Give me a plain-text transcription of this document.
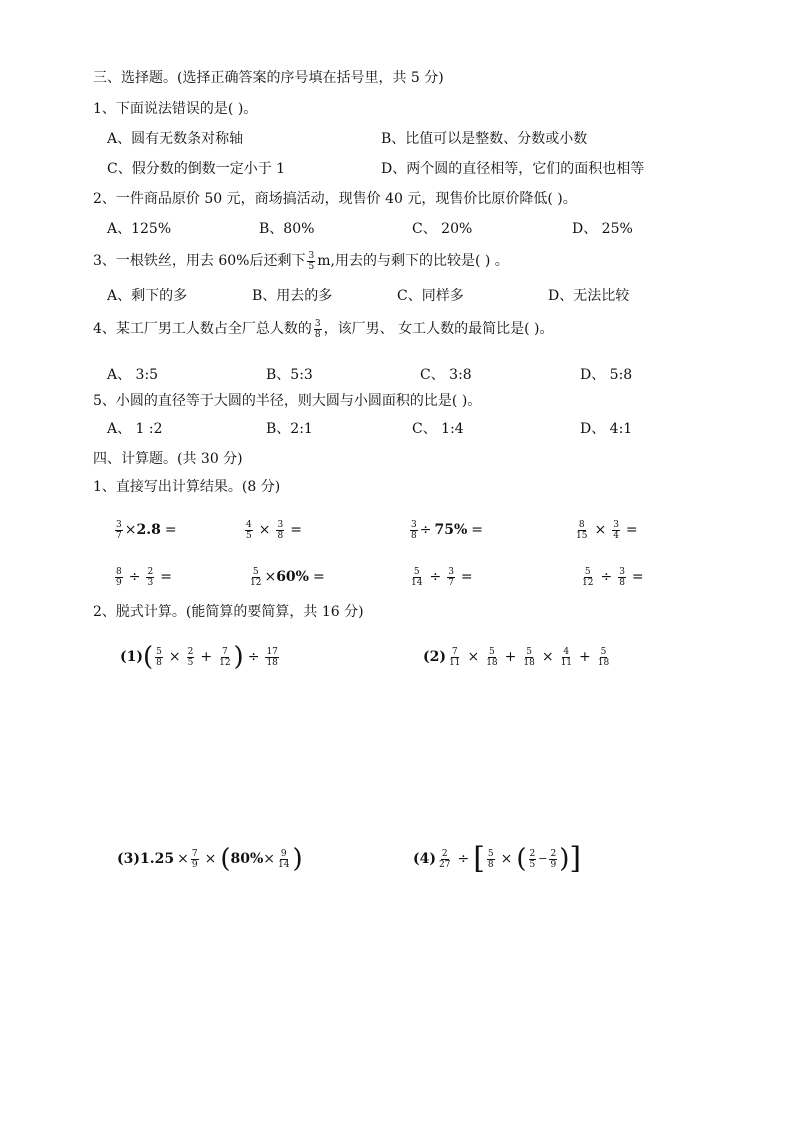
三、选择题。(选择正确答案的序号填在括号里，共 5 分)
1、下面说法错误的是( )。
A、圆有无数条对称轴	B、比值可以是整数、分数或小数
C、假分数的倒数一定小于 1	D、两个圆的直径相等，它们的面积也相等
2、一件商品原价 50 元，商场搞活动，现售价 40 元，现售价比原价降低( )。
A、125%	B、80%	C、 20%	D、 25%
3、一根铁丝，用去 60%后还剩下 $\frac{3}{5} m$,用去的与剩下的比较是( ) 。
A、剩下的多	B、用去的多	C、同样多	D、无法比较
4、某工厂男工人数占全厂总人数的 $\frac{3}{8}$ ，该厂男、 女工人数的最简比是( )。
A、 3:5	B、5:3	C、 3:8	D、 5:8
5、小圆的直径等于大圆的半径，则大圆与小圆面积的比是( )。
A、 1 :2	B、2:1	C、 1:4	D、 4:1
四、计算题。(共 30 分)
1、直接写出计算结果。(8 分)
$\frac{3}{7} \times 2.8$ =	$\frac{4}{5} \times \frac{3}{8}$ =	$\frac{3}{8} \div 75\%$ =	$\frac{8}{15} \times \frac{3}{4}$ =
$\frac{8}{9} \div \frac{2}{3}$ =	$\frac{5}{12} \times 60\%$ =	$\frac{5}{14} \div \frac{3}{7}$ =	$\frac{5}{12} \div \frac{3}{8}$ =
2、脱式计算。(能简算的要简算，共 16 分)
(1) ( $\frac{5}{8} \times \frac{2}{5} + \frac{7}{12}$ ) ÷ $\frac{17}{18}$	$(2) \frac{7}{11} \times \frac{5}{18} + \frac{5}{18} \times \frac{4}{11} + \frac{5}{18}$
(3) $1.25 \times \frac{7}{9}$ × ( $80\% \times \frac{9}{14}$ )	$(4) \frac{2}{27}$ ÷ [ $\frac{5}{8}$ × ( $\frac{2}{5} - \frac{2}{9}$ ) ]
